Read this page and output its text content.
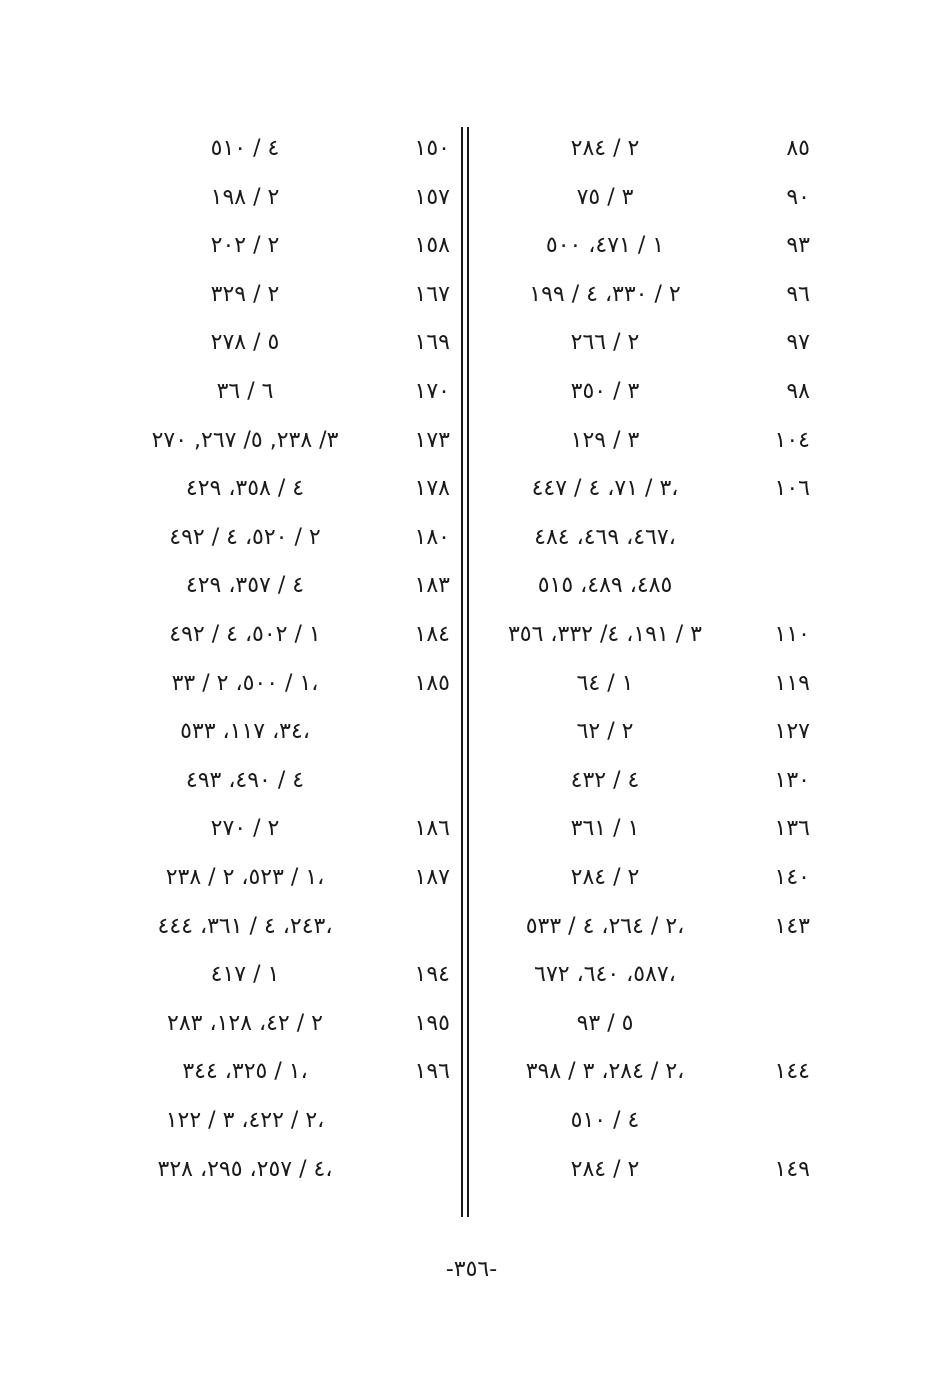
٤ / ٥١٠	١٥٠
٢ / ١٩٨	١٥٧
٢ / ٢٠٢	١٥٨
٢ / ٣٢٩	١٦٧
٥ / ٢٧٨	١٦٩
٦ / ٣٦	١٧٠
٣/ ٢٣٨, ٥/ ٢٦٧, ٢٧٠	١٧٣
٤ / ٣٥٨، ٤٢٩	١٧٨
٢ / ٥٢٠، ٤ / ٤٩٢	١٨٠
٤ / ٣٥٧، ٤٢٩	١٨٣
١ / ٥٠٢، ٤ / ٤٩٢	١٨٤
١ / ٥٠٠، ٢ / ٣٣،	١٨٥
٣٤، ١١٧، ٥٣٣،
٤ / ٤٩٠، ٤٩٣
٢ / ٢٧٠	١٨٦
١ / ٥٢٣، ٢ / ٢٣٨،	١٨٧
٢٤٣، ٤ / ٣٦١، ٤٤٤،
١ / ٤١٧	١٩٤
٢ / ٤٢، ١٢٨، ٢٨٣	١٩٥
١ / ٣٢٥، ٣٤٤،	١٩٦
٢ / ٤٢٢، ٣ / ١٢٢،
٤ / ٢٥٧، ٢٩٥، ٣٢٨،
٢ / ٢٨٤	٨٥
٣ / ٧٥	٩٠
١ / ٤٧١، ٥٠٠	٩٣
٢ / ٣٣٠، ٤ / ١٩٩	٩٦
٢ / ٢٦٦	٩٧
٣ / ٣٥٠	٩٨
٣ / ١٢٩	١٠٤
٣ / ٧١، ٤ / ٤٤٧،	١٠٦
٤٦٧، ٤٦٩، ٤٨٤،
٤٨٥، ٤٨٩، ٥١٥
٣ / ١٩١، ٤/ ٣٣٢، ٣٥٦	١١٠
١ / ٦٤	١١٩
٢ / ٦٢	١٢٧
٤ / ٤٣٢	١٣٠
١ / ٣٦١	١٣٦
٢ / ٢٨٤	١٤٠
٢ / ٢٦٤، ٤ / ٥٣٣،	١٤٣
٥٨٧، ٦٤٠، ٦٧٢،
٥ / ٩٣
٢ / ٢٨٤، ٣ / ٣٩٨،	١٤٤
٤ / ٥١٠
٢ / ٢٨٤	١٤٩
-٣٥٦-
